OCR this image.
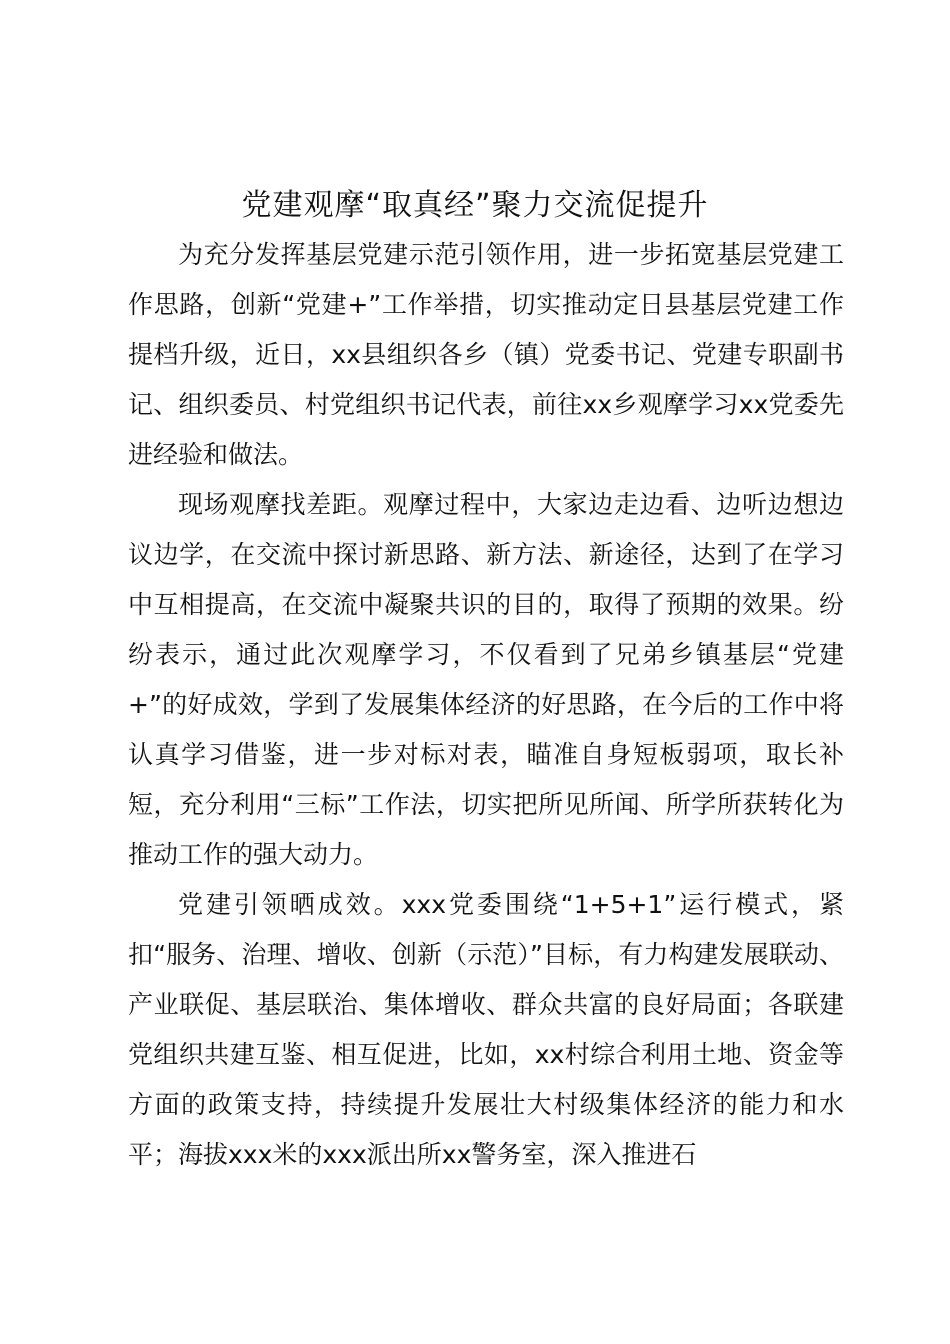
党建观摩“取真经”聚力交流促提升

为充分发挥基层党建示范引领作用，进一步拓宽基层党建工作思路，创新“党建+”工作举措，切实推动定日县基层党建工作提档升级，近日，xx县组织各乡（镇）党委书记、党建专职副书记、组织委员、村党组织书记代表，前往xx乡观摩学习xx党委先进经验和做法。

现场观摩找差距。观摩过程中，大家边走边看、边听边想边议边学，在交流中探讨新思路、新方法、新途径，达到了在学习中互相提高，在交流中凝聚共识的目的，取得了预期的效果。纷纷表示，通过此次观摩学习，不仅看到了兄弟乡镇基层“党建+”的好成效，学到了发展集体经济的好思路，在今后的工作中将认真学习借鉴，进一步对标对表，瞄准自身短板弱项，取长补短，充分利用“三标”工作法，切实把所见所闻、所学所获转化为推动工作的强大动力。

党建引领晒成效。xxx党委围绕“1+5+1”运行模式，紧扣“服务、治理、增收、创新（示范）”目标，有力构建发展联动、产业联促、基层联治、集体增收、群众共富的良好局面；各联建党组织共建互鉴、相互促进，比如，xx村综合利用土地、资金等方面的政策支持，持续提升发展壮大村级集体经济的能力和水平；海拔xxx米的xxx派出所xx警务室，深入推进石
